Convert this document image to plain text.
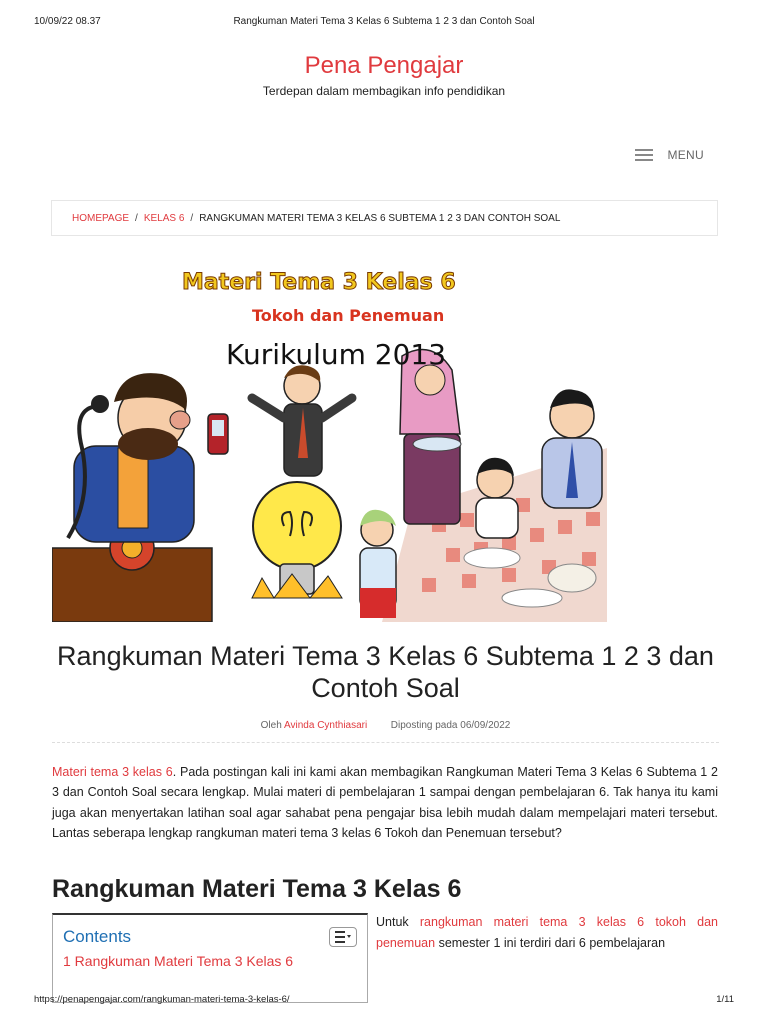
10/09/22 08.37	Rangkuman Materi Tema 3 Kelas 6 Subtema 1 2 3 dan Contoh Soal
Pena Pengajar
Terdepan dalam membagikan info pendidikan
MENU
HOMEPAGE / KELAS 6 / RANGKUMAN MATERI TEMA 3 KELAS 6 SUBTEMA 1 2 3 DAN CONTOH SOAL
Materi Tema 3 Kelas 6
Tokoh dan Penemuan
Kurikulum 2013
Rangkuman Materi Tema 3 Kelas 6 Subtema 1 2 3 dan Contoh Soal
Oleh Avinda Cynthiasari Diposting pada 06/09/2022

Materi tema 3 kelas 6. Pada postingan kali ini kami akan membagikan Rangkuman Materi Tema 3 Kelas 6 Subtema 1 2 3 dan Contoh Soal secara lengkap. Mulai materi di pembelajaran 1 sampai dengan pembelajaran 6. Tak hanya itu kami juga akan menyertakan latihan soal agar sahabat pena pengajar bisa lebih mudah dalam mempelajari materi tersebut. Lantas seberapa lengkap rangkuman materi tema 3 kelas 6 Tokoh dan Penemuan tersebut?

Rangkuman Materi Tema 3 Kelas 6
Contents
1 Rangkuman Materi Tema 3 Kelas 6

Untuk rangkuman materi tema 3 kelas 6 tokoh dan penemuan semester 1 ini terdiri dari 6 pembelajaran

https://penapengajar.com/rangkuman-materi-tema-3-kelas-6/	1/11
